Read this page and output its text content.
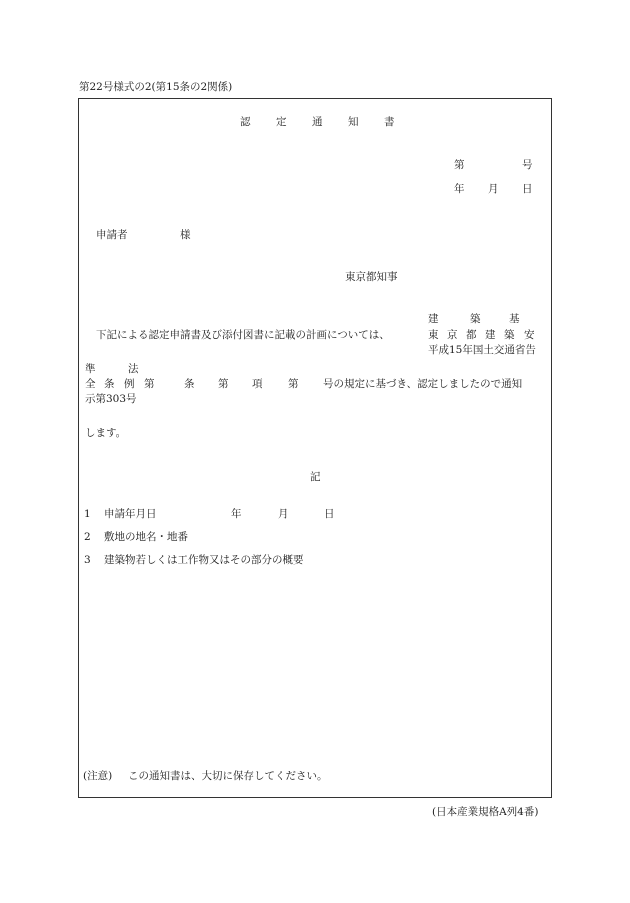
第22号様式の2(第15条の2関係)
認 定 通 知 書
第	号
年 月 日
申請者	様
東京都知事
建	築	基
下記による認定申請書及び添付図書に記載の計画については、	東 京 都 建 築 安
平成15年国土交通省告
準	法
全 条 例 第	条 第 項 第 号の規定に基づき、認定しましたので通知
示第303号
します。
記
1 申請年月日	年	月	日
2 敷地の地名・地番
3 建築物若しくは工作物又はその部分の概要
(注意) この通知書は、大切に保存してください。
(日本産業規格A列4番)
